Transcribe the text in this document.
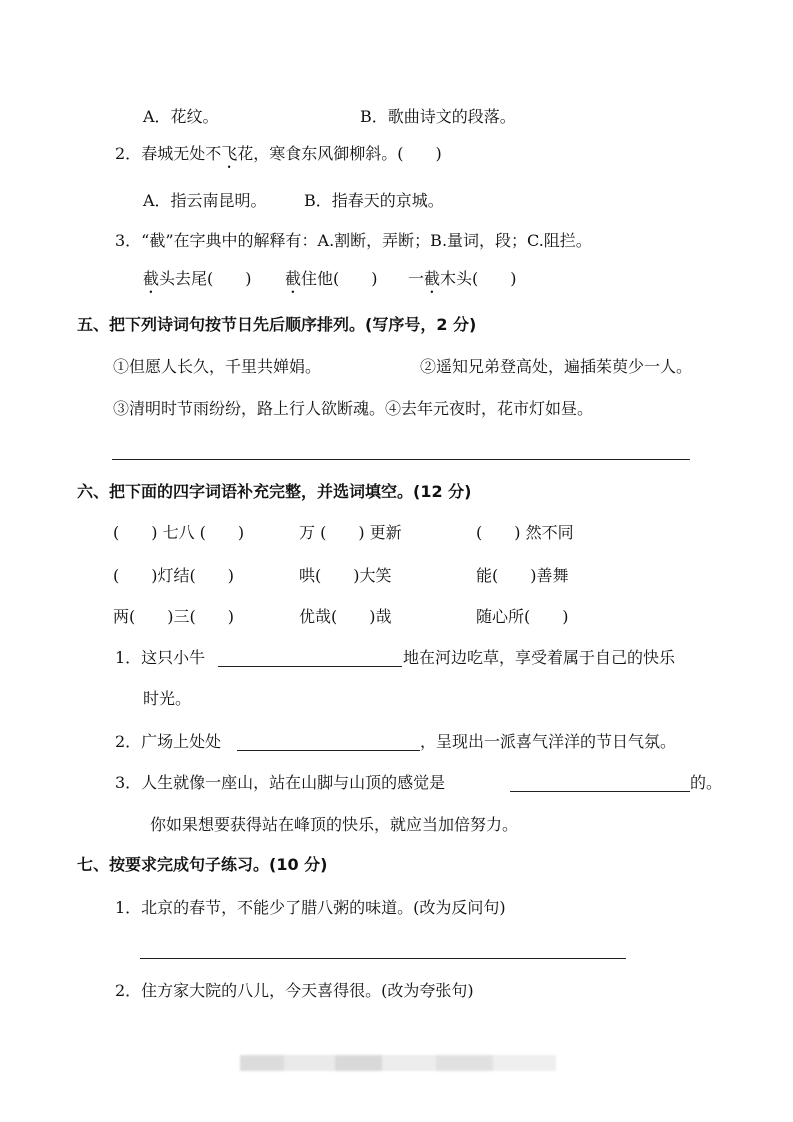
A．花纹。	B．歌曲诗文的段落。
2．春城无处不飞花，寒食东风御柳斜。(　　)
A．指云南昆明。 B．指春天的京城。
3．“截”在字典中的解释有：A.割断，弄断；B.量词，段；C.阻拦。
截头去尾(　　) 截住他(　　) 一截木头(　　)
五、把下列诗词句按节日先后顺序排列。(写序号，2 分)
①但愿人长久，千里共婵娟。	②遥知兄弟登高处，遍插茱萸少一人。
③清明时节雨纷纷，路上行人欲断魂。④去年元夜时，花市灯如昼。
六、把下面的四字词语补充完整，并选词填空。(12 分)
(　　) 七八 (　　)	万 (　　) 更新	(　　) 然不同
(　　)灯结(　　)	哄(　　)大笑	能(　　)善舞
两(　　)三(　　)	优哉(　　)哉	随心所(　　)
1．这只小牛	地在河边吃草，享受着属于自己的快乐
时光。
2．广场上处处	，呈现出一派喜气洋洋的节日气氛。
3．人生就像一座山，站在山脚与山顶的感觉是	的。
你如果想要获得站在峰顶的快乐，就应当加倍努力。
七、按要求完成句子练习。(10 分)
1．北京的春节，不能少了腊八粥的味道。(改为反问句)
2．住方家大院的八儿，今天喜得很。(改为夸张句)
